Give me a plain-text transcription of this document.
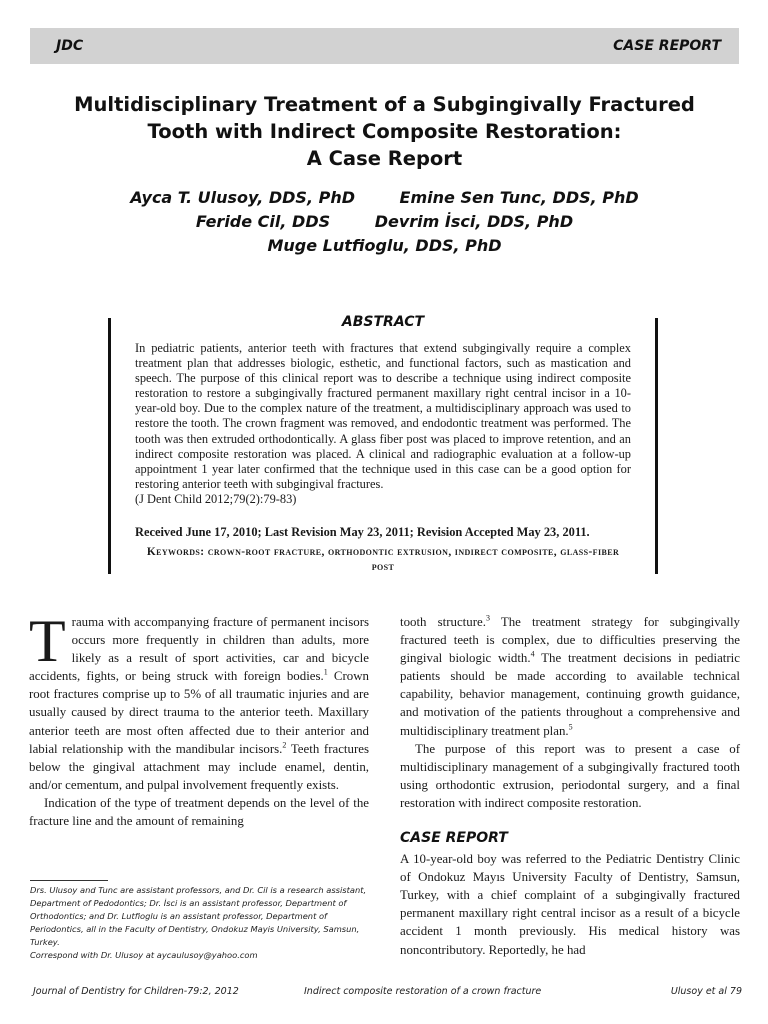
JDC	CASE REPORT
Multidisciplinary Treatment of a Subgingivally Fractured
Tooth with Indirect Composite Restoration:
A Case Report
Ayca T. Ulusoy, DDS, PhD        Emine Sen Tunc, DDS, PhD
Feride Cil, DDS        Devrim İsci, DDS, PhD
Muge Lutfioglu, DDS, PhD
ABSTRACT

In pediatric patients, anterior teeth with fractures that extend subgingivally require a complex treatment plan that addresses biologic, esthetic, and functional factors, such as mastication and speech. The purpose of this clinical report was to describe a technique using indirect composite restoration to restore a subgingivally fractured permanent maxillary right central incisor in a 10-year-old boy. Due to the complex nature of the treatment, a multidisciplinary approach was used to restore the tooth. The crown fragment was removed, and endodontic treatment was performed. The tooth was then extruded orthodontically. A glass fiber post was placed to improve retention, and an indirect composite restoration was placed. A clinical and radiographic evaluation at a follow-up appointment 1 year later confirmed that the technique used in this case can be a good option for restoring anterior teeth with subgingival fractures.

(J Dent Child 2012;79(2):79-83)

Received June 17, 2010; Last Revision May 23, 2011; Revision Accepted May 23, 2011.
Keywords: crown-root fracture, orthodontic extrusion, indirect composite, glass-fiber post

Trauma with accompanying fracture of permanent incisors occurs more frequently in children than adults, more likely as a result of sport activities, car and bicycle accidents, fights, or being struck with foreign bodies.$^1$ Crown root fractures comprise up to 5% of all traumatic injuries and are usually caused by direct trauma to the anterior teeth. Maxillary anterior teeth are most often affected due to their anterior and labial relationship with the mandibular incisors.$^2$ Teeth fractures below the gingival attachment may include enamel, dentin, and/or cementum, and pulpal involvement frequently exists.

Indication of the type of treatment depends on the level of the fracture line and the amount of remaining

tooth structure.$^3$ The treatment strategy for subgingivally fractured teeth is complex, due to difficulties preserving the gingival biologic width.$^4$ The treatment decisions in pediatric patients should be made according to available technical capability, behavior management, continuing growth guidance, and motivation of the patients throughout a comprehensive and multidisciplinary treatment plan.$^5$

The purpose of this report was to present a case of multidisciplinary management of a subgingivally fractured tooth using orthodontic extrusion, periodontal surgery, and a final restoration with indirect composite restoration.

CASE REPORT

A 10-year-old boy was referred to the Pediatric Dentistry Clinic of Ondokuz Mayıs University Faculty of Dentistry, Samsun, Turkey, with a chief complaint of a subgingivally fractured permanent maxillary right central incisor as a result of a bicycle accident 1 month previously. His medical history was noncontributory. Reportedly, he had

Drs. Ulusoy and Tunc are assistant professors, and Dr. Cil is a research assistant, Department of Pedodontics; Dr. İsci is an assistant professor, Department of Orthodontics; and Dr. Lutfioglu is an assistant professor, Department of Periodontics, all in the Faculty of Dentistry, Ondokuz Mayis University, Samsun, Turkey.
Correspond with Dr. Ulusoy at aycaulusoy@yahoo.com
Journal of Dentistry for Children-79:2, 2012	Indirect composite restoration of a crown fracture	Ulusoy et al 79
